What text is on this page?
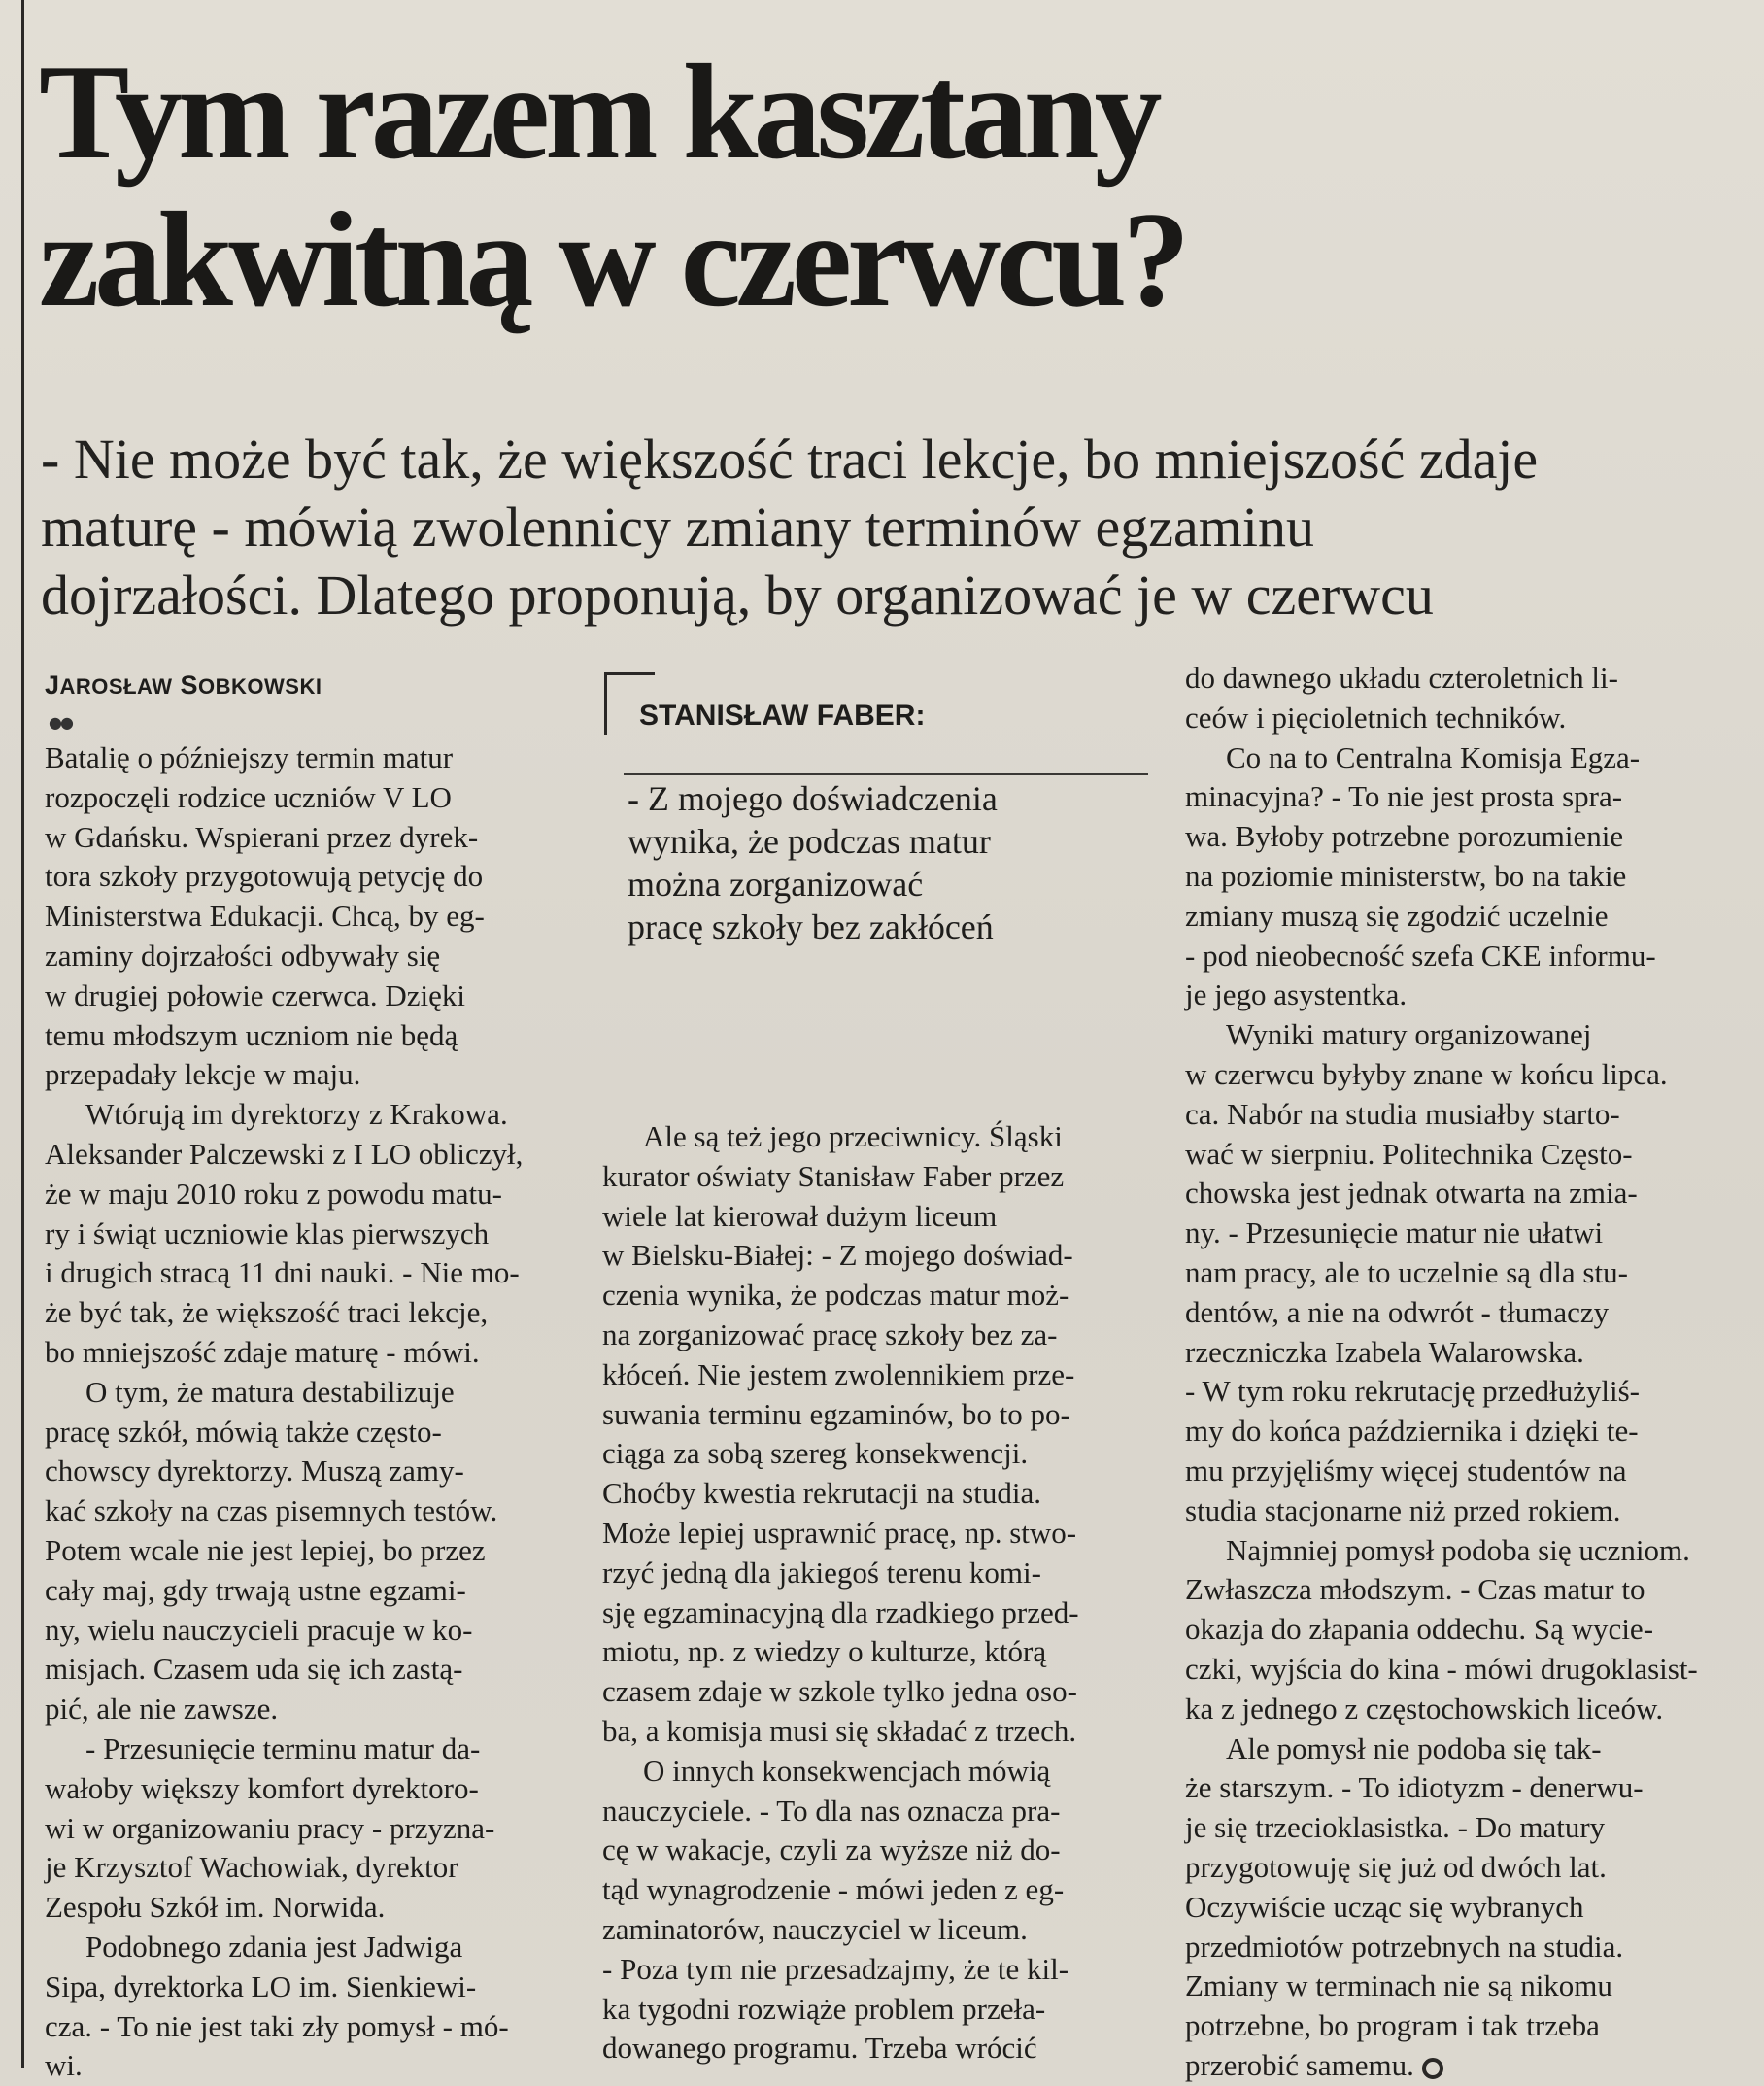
Tym razem kasztany
zakwitną w czerwcu?
- Nie może być tak, że większość traci lekcje, bo mniejszość zdaje
maturę - mówią zwolennicy zmiany terminów egzaminu
dojrzałości. Dlatego proponują, by organizować je w czerwcu
JAROSŁAW SOBKOWSKI
●●

Batalię o późniejszy termin matur
rozpoczęli rodzice uczniów V LO
w Gdańsku. Wspierani przez dyrek-
tora szkoły przygotowują petycję do
Ministerstwa Edukacji. Chcą, by eg-
zaminy dojrzałości odbywały się
w drugiej połowie czerwca. Dzięki
temu młodszym uczniom nie będą
przepadały lekcje w maju.

Wtórują im dyrektorzy z Krakowa.
Aleksander Palczewski z I LO obliczył,
że w maju 2010 roku z powodu matu-
ry i świąt uczniowie klas pierwszych
i drugich stracą 11 dni nauki. - Nie mo-
że być tak, że większość traci lekcje,
bo mniejszość zdaje maturę - mówi.

O tym, że matura destabilizuje
pracę szkół, mówią także często-
chowscy dyrektorzy. Muszą zamy-
kać szkoły na czas pisemnych testów.
Potem wcale nie jest lepiej, bo przez
cały maj, gdy trwają ustne egzami-
ny, wielu nauczycieli pracuje w ko-
misjach. Czasem uda się ich zastą-
pić, ale nie zawsze.

- Przesunięcie terminu matur da-
wałoby większy komfort dyrektoro-
wi w organizowaniu pracy - przyzna-
je Krzysztof Wachowiak, dyrektor
Zespołu Szkół im. Norwida.

Podobnego zdania jest Jadwiga
Sipa, dyrektorka LO im. Sienkiewi-
cza. - To nie jest taki zły pomysł - mó-
wi.

STANISŁAW FABER:
- Z mojego doświadczenia
wynika, że podczas matur
można zorganizować
pracę szkoły bez zakłóceń

Ale są też jego przeciwnicy. Śląski
kurator oświaty Stanisław Faber przez
wiele lat kierował dużym liceum
w Bielsku-Białej: - Z mojego doświad-
czenia wynika, że podczas matur moż-
na zorganizować pracę szkoły bez za-
kłóceń. Nie jestem zwolennikiem prze-
suwania terminu egzaminów, bo to po-
ciąga za sobą szereg konsekwencji.
Choćby kwestia rekrutacji na studia.
Może lepiej usprawnić pracę, np. stwo-
rzyć jedną dla jakiegoś terenu komi-
sję egzaminacyjną dla rzadkiego przed-
miotu, np. z wiedzy o kulturze, którą
czasem zdaje w szkole tylko jedna oso-
ba, a komisja musi się składać z trzech.

O innych konsekwencjach mówią
nauczyciele. - To dla nas oznacza pra-
cę w wakacje, czyli za wyższe niż do-
tąd wynagrodzenie - mówi jeden z eg-
zaminatorów, nauczyciel w liceum.
- Poza tym nie przesadzajmy, że te kil-
ka tygodni rozwiąże problem przeła-
dowanego programu. Trzeba wrócić

do dawnego układu czteroletnich li-
ceów i pięcioletnich techników.

Co na to Centralna Komisja Egza-
minacyjna? - To nie jest prosta spra-
wa. Byłoby potrzebne porozumienie
na poziomie ministerstw, bo na takie
zmiany muszą się zgodzić uczelnie
- pod nieobecność szefa CKE informu-
je jego asystentka.

Wyniki matury organizowanej
w czerwcu byłyby znane w końcu lipca.
ca. Nabór na studia musiałby starto-
wać w sierpniu. Politechnika Często-
chowska jest jednak otwarta na zmia-
ny. - Przesunięcie matur nie ułatwi
nam pracy, ale to uczelnie są dla stu-
dentów, a nie na odwrót - tłumaczy
rzeczniczka Izabela Walarowska.
- W tym roku rekrutację przedłużyliś-
my do końca października i dzięki te-
mu przyjęliśmy więcej studentów na
studia stacjonarne niż przed rokiem.

Najmniej pomysł podoba się uczniom.
Zwłaszcza młodszym. - Czas matur to
okazja do złapania oddechu. Są wycie-
czki, wyjścia do kina - mówi drugoklasist-
ka z jednego z częstochowskich liceów.

Ale pomysł nie podoba się tak-
że starszym. - To idiotyzm - denerwu-
je się trzecioklasistka. - Do matury
przygotowuję się już od dwóch lat.
Oczywiście ucząc się wybranych
przedmiotów potrzebnych na studia.
Zmiany w terminach nie są nikomu
potrzebne, bo program i tak trzeba
przerobić samemu.
